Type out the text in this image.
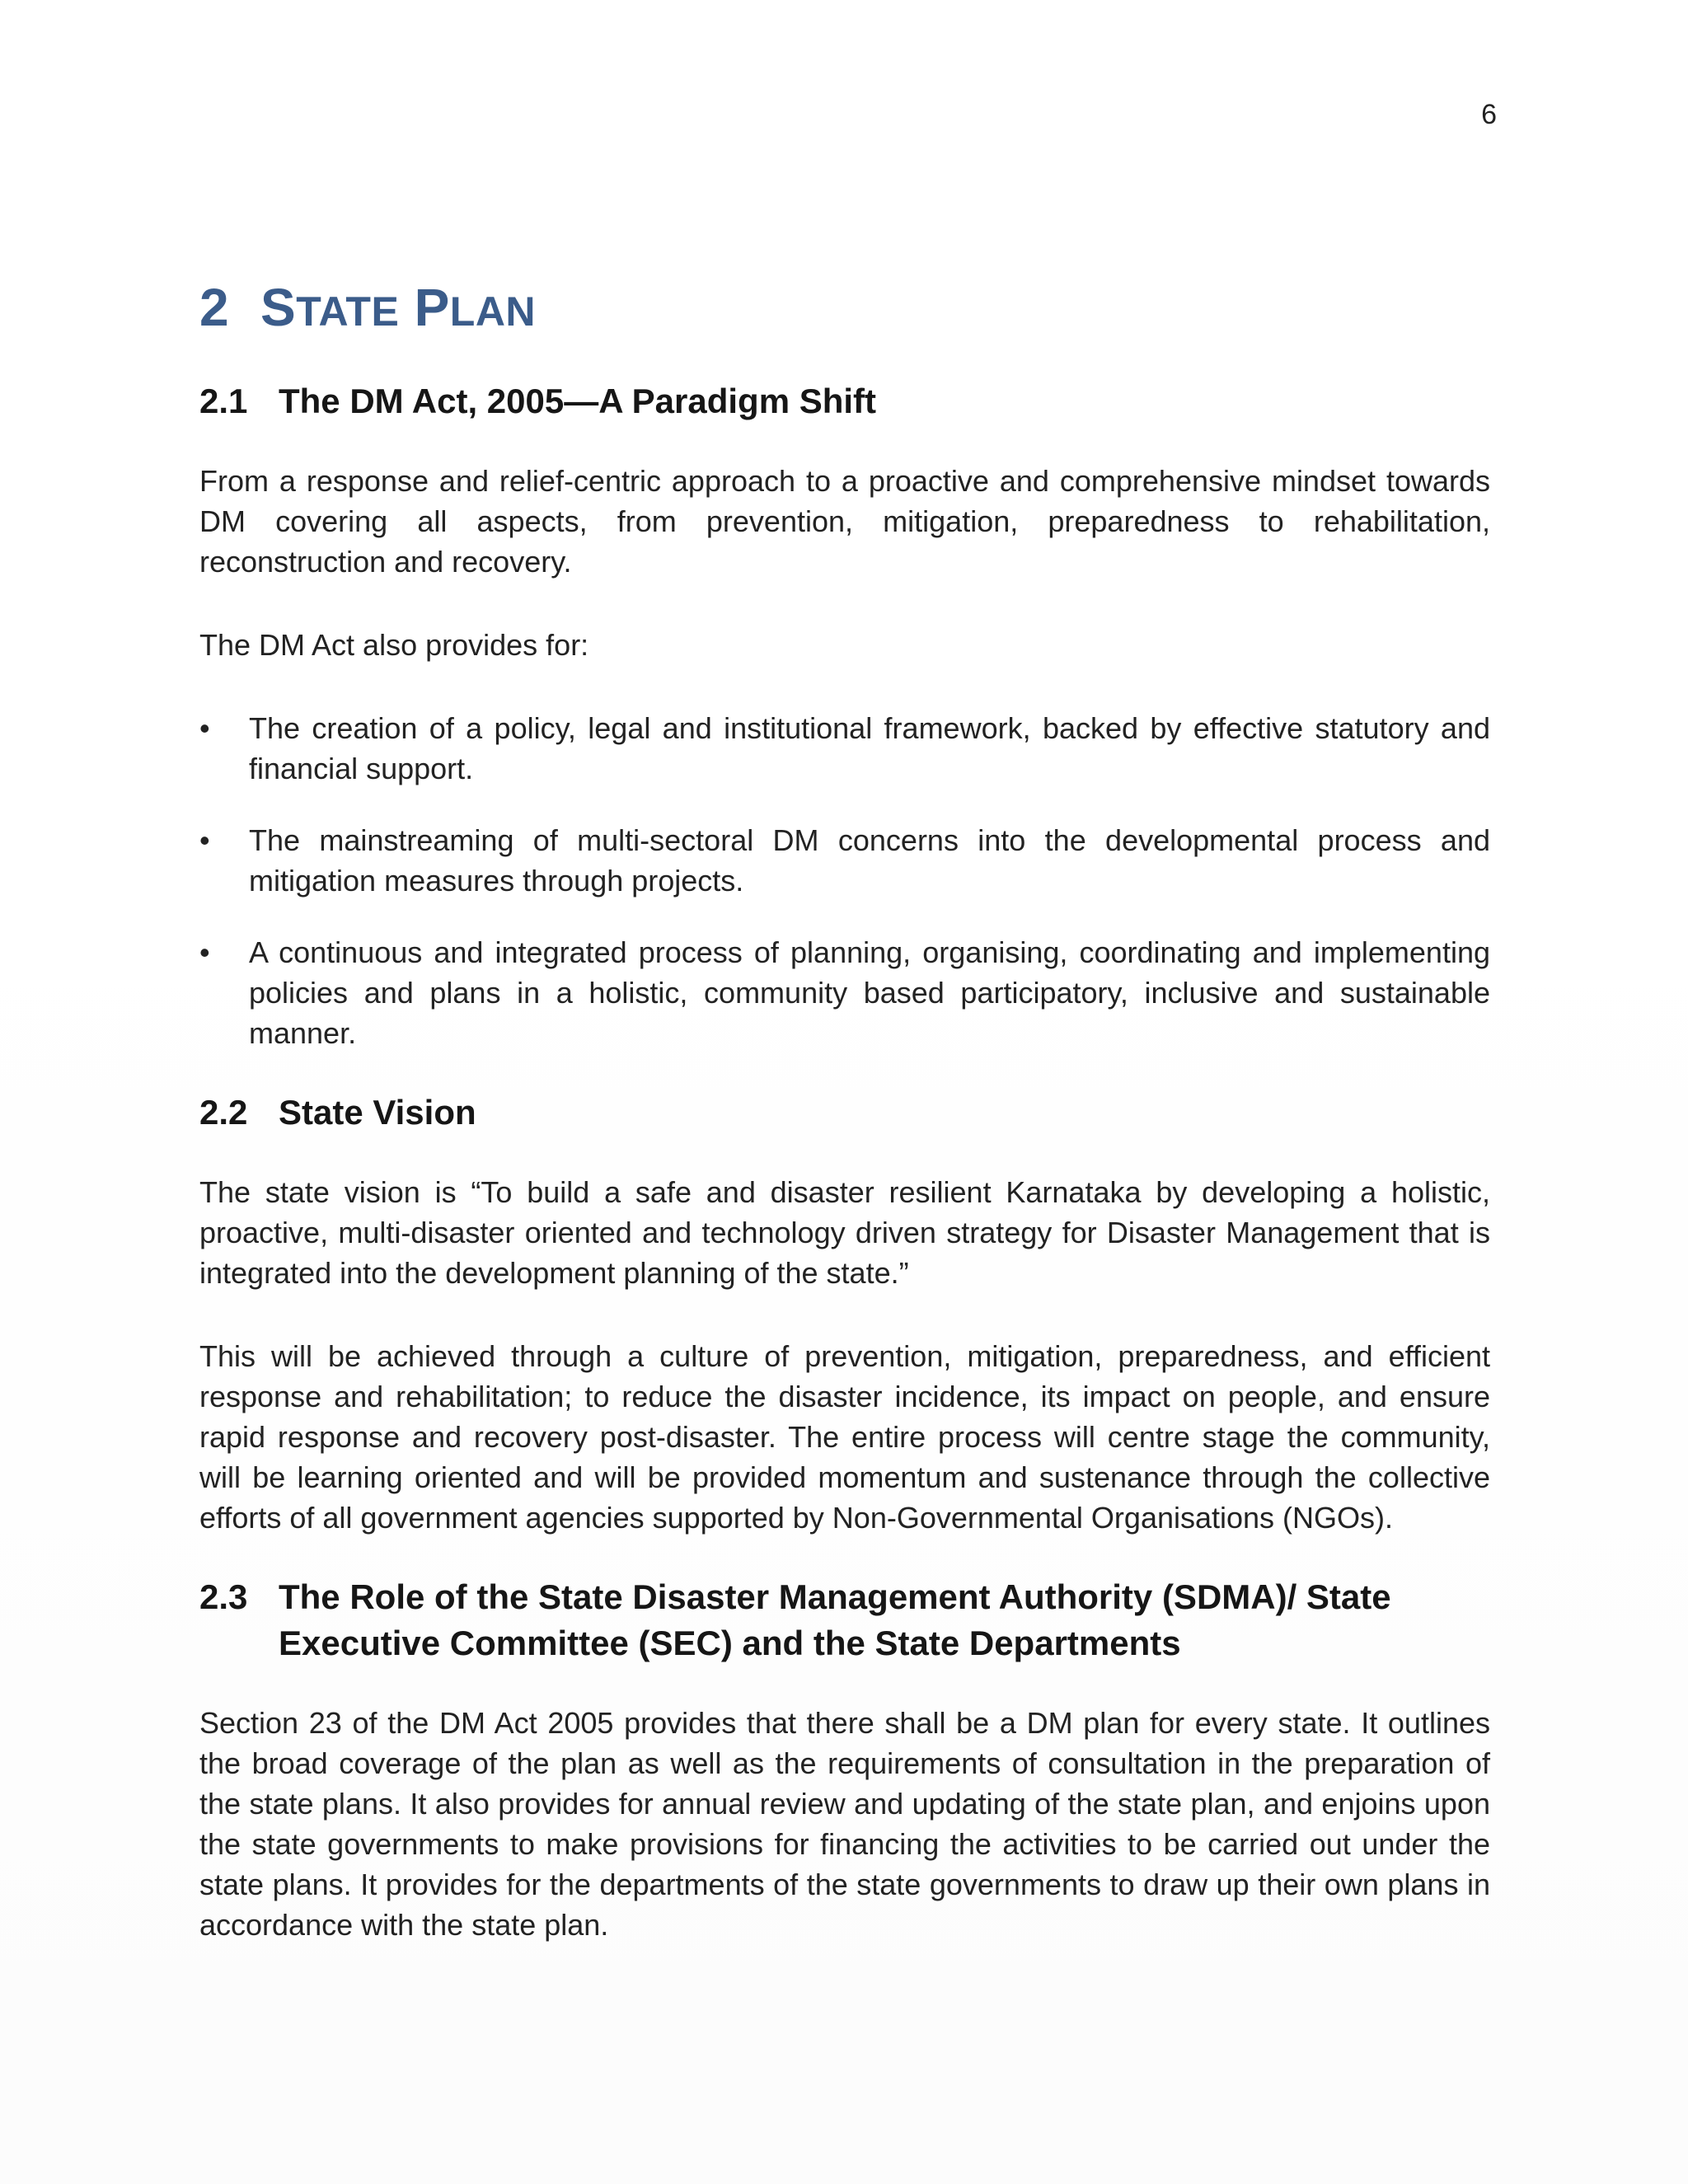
6
2 STATE PLAN
2.1 The DM Act, 2005—A Paradigm Shift

From a response and relief-centric approach to a proactive and comprehensive mindset towards DM covering all aspects, from prevention, mitigation, preparedness to rehabilitation, reconstruction and recovery.

The DM Act also provides for:

•	The creation of a policy, legal and institutional framework, backed by effective statutory and financial support.
•	The mainstreaming of multi-sectoral DM concerns into the developmental process and mitigation measures through projects.
•	A continuous and integrated process of planning, organising, coordinating and implementing policies and plans in a holistic, community based participatory, inclusive and sustainable manner.
2.2 State Vision

The state vision is “To build a safe and disaster resilient Karnataka by developing a holistic, proactive, multi-disaster oriented and technology driven strategy for Disaster Management that is integrated into the development planning of the state.”

This will be achieved through a culture of prevention, mitigation, preparedness, and efficient response and rehabilitation; to reduce the disaster incidence, its impact on people, and ensure rapid response and recovery post-disaster. The entire process will centre stage the community, will be learning oriented and will be provided momentum and sustenance through the collective efforts of all government agencies supported by Non-Governmental Organisations (NGOs).

2.3 The Role of the State Disaster Management Authority (SDMA)/ State Executive Committee (SEC) and the State Departments

Section 23 of the DM Act 2005 provides that there shall be a DM plan for every state. It outlines the broad coverage of the plan as well as the requirements of consultation in the preparation of the state plans. It also provides for annual review and updating of the state plan, and enjoins upon the state governments to make provisions for financing the activities to be carried out under the state plans. It provides for the departments of the state governments to draw up their own plans in accordance with the state plan.
